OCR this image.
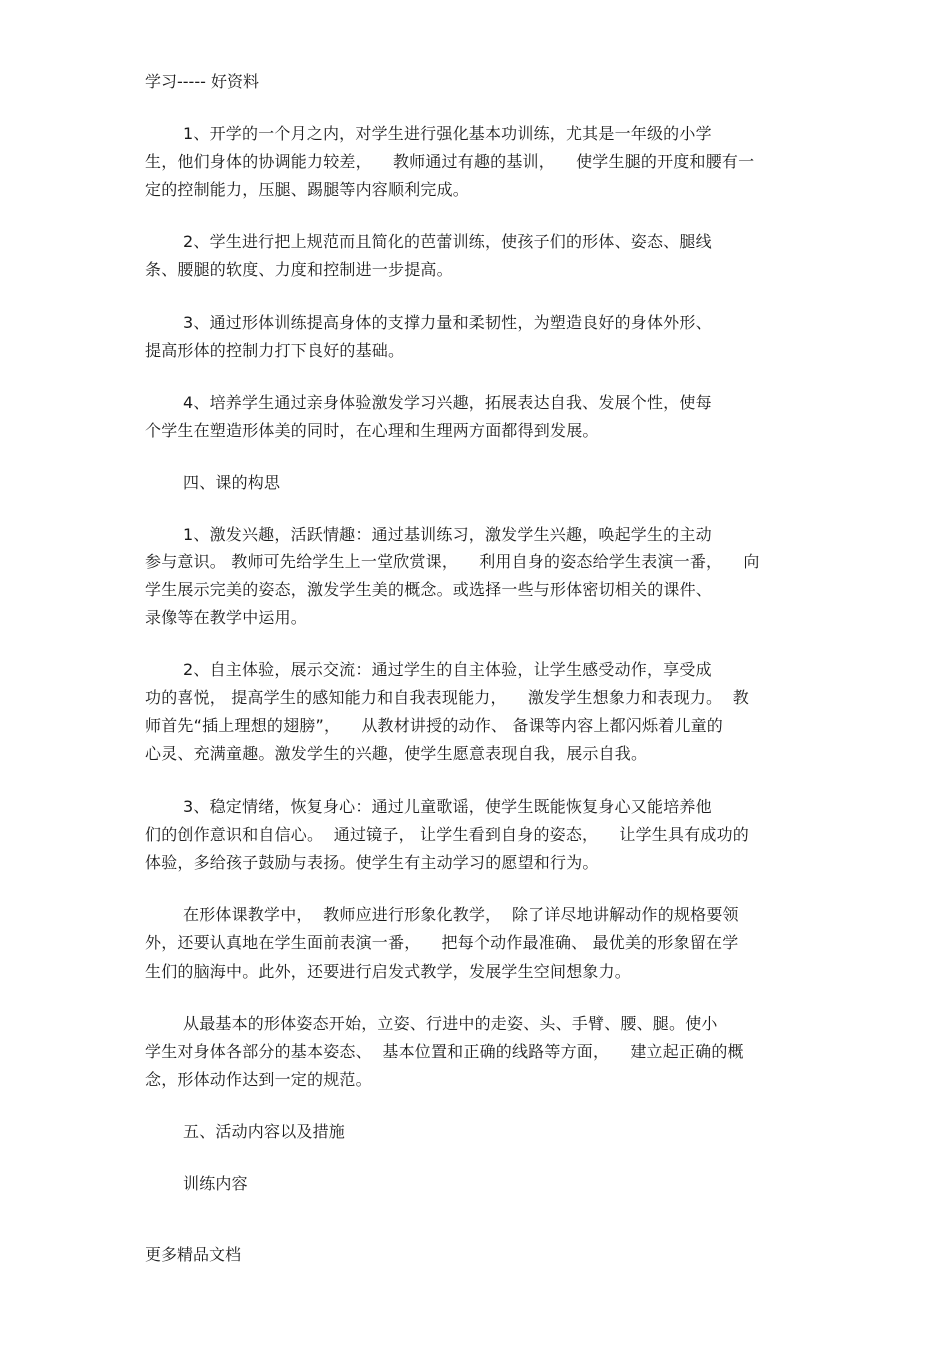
学习----- 好资料
1、开学的一个月之内，对学生进行强化基本功训练，尤其是一年级的小学
生，他们身体的协调能力较差，    教师通过有趣的基训，    使学生腿的开度和腰有一
定的控制能力，压腿、踢腿等内容顺利完成。
2、学生进行把上规范而且简化的芭蕾训练，使孩子们的形体、姿态、腿线
条、腰腿的软度、力度和控制进一步提高。
3、通过形体训练提高身体的支撑力量和柔韧性，为塑造良好的身体外形、
提高形体的控制力打下良好的基础。
4、培养学生通过亲身体验激发学习兴趣，拓展表达自我、发展个性，使每
个学生在塑造形体美的同时，在心理和生理两方面都得到发展。
四、课的构思
1、激发兴趣，活跃情趣：通过基训练习，激发学生兴趣，唤起学生的主动
参与意识。 教师可先给学生上一堂欣赏课，    利用自身的姿态给学生表演一番，    向
学生展示完美的姿态，激发学生美的概念。或选择一些与形体密切相关的课件、
录像等在教学中运用。
2、自主体验，展示交流：通过学生的自主体验，让学生感受动作，享受成
功的喜悦， 提高学生的感知能力和自我表现能力，    激发学生想象力和表现力。  教
师首先“插上理想的翅膀”，    从教材讲授的动作、 备课等内容上都闪烁着儿童的
心灵、充满童趣。激发学生的兴趣，使学生愿意表现自我，展示自我。
3、稳定情绪，恢复身心：通过儿童歌谣，使学生既能恢复身心又能培养他
们的创作意识和自信心。  通过镜子， 让学生看到自身的姿态，    让学生具有成功的
体验，多给孩子鼓励与表扬。使学生有主动学习的愿望和行为。
在形体课教学中，  教师应进行形象化教学，  除了详尽地讲解动作的规格要领
外，还要认真地在学生面前表演一番，    把每个动作最准确、 最优美的形象留在学
生们的脑海中。此外，还要进行启发式教学，发展学生空间想象力。
从最基本的形体姿态开始，立姿、行进中的走姿、头、手臂、腰、腿。使小
学生对身体各部分的基本姿态、  基本位置和正确的线路等方面，    建立起正确的概
念，形体动作达到一定的规范。
五、活动内容以及措施
训练内容
更多精品文档
